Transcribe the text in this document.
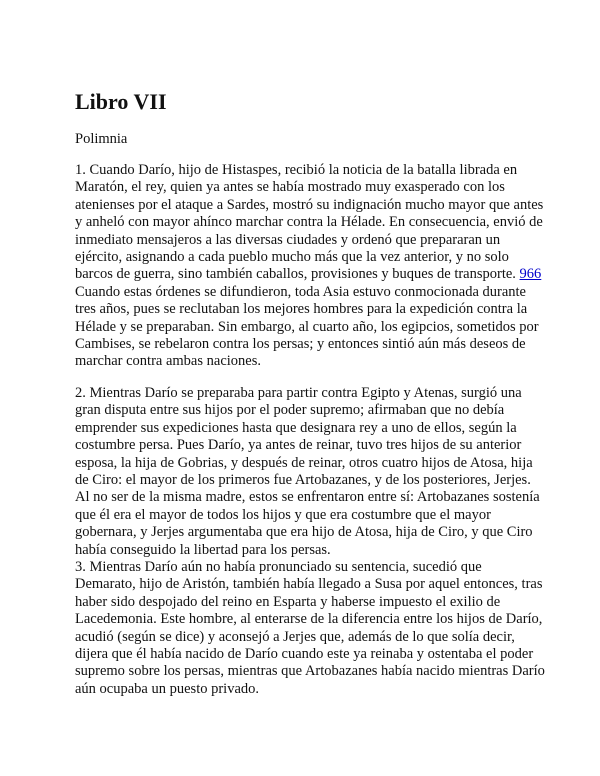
Libro VII

Polimnia

1. Cuando Darío, hijo de Histaspes, recibió la noticia de la batalla librada en Maratón, el rey, quien ya antes se había mostrado muy exasperado con los atenienses por el ataque a Sardes, mostró su indignación mucho mayor que antes y anheló con mayor ahínco marchar contra la Hélade. En consecuencia, envió de inmediato mensajeros a las diversas ciudades y ordenó que prepararan un ejército, asignando a cada pueblo mucho más que la vez anterior, y no solo barcos de guerra, sino también caballos, provisiones y buques de transporte. 966 Cuando estas órdenes se difundieron, toda Asia estuvo conmocionada durante tres años, pues se reclutaban los mejores hombres para la expedición contra la Hélade y se preparaban. Sin embargo, al cuarto año, los egipcios, sometidos por Cambises, se rebelaron contra los persas; y entonces sintió aún más deseos de marchar contra ambas naciones.

2. Mientras Darío se preparaba para partir contra Egipto y Atenas, surgió una gran disputa entre sus hijos por el poder supremo; afirmaban que no debía emprender sus expediciones hasta que designara rey a uno de ellos, según la costumbre persa. Pues Darío, ya antes de reinar, tuvo tres hijos de su anterior esposa, la hija de Gobrias, y después de reinar, otros cuatro hijos de Atosa, hija de Ciro: el mayor de los primeros fue Artobazanes, y de los posteriores, Jerjes. Al no ser de la misma madre, estos se enfrentaron entre sí: Artobazanes sostenía que él era el mayor de todos los hijos y que era costumbre que el mayor gobernara, y Jerjes argumentaba que era hijo de Atosa, hija de Ciro, y que Ciro había conseguido la libertad para los persas.

3. Mientras Darío aún no había pronunciado su sentencia, sucedió que Demarato, hijo de Aristón, también había llegado a Susa por aquel entonces, tras haber sido despojado del reino en Esparta y haberse impuesto el exilio de Lacedemonia. Este hombre, al enterarse de la diferencia entre los hijos de Darío, acudió (según se dice) y aconsejó a Jerjes que, además de lo que solía decir, dijera que él había nacido de Darío cuando este ya reinaba y ostentaba el poder supremo sobre los persas, mientras que Artobazanes había nacido mientras Darío aún ocupaba un puesto privado.
